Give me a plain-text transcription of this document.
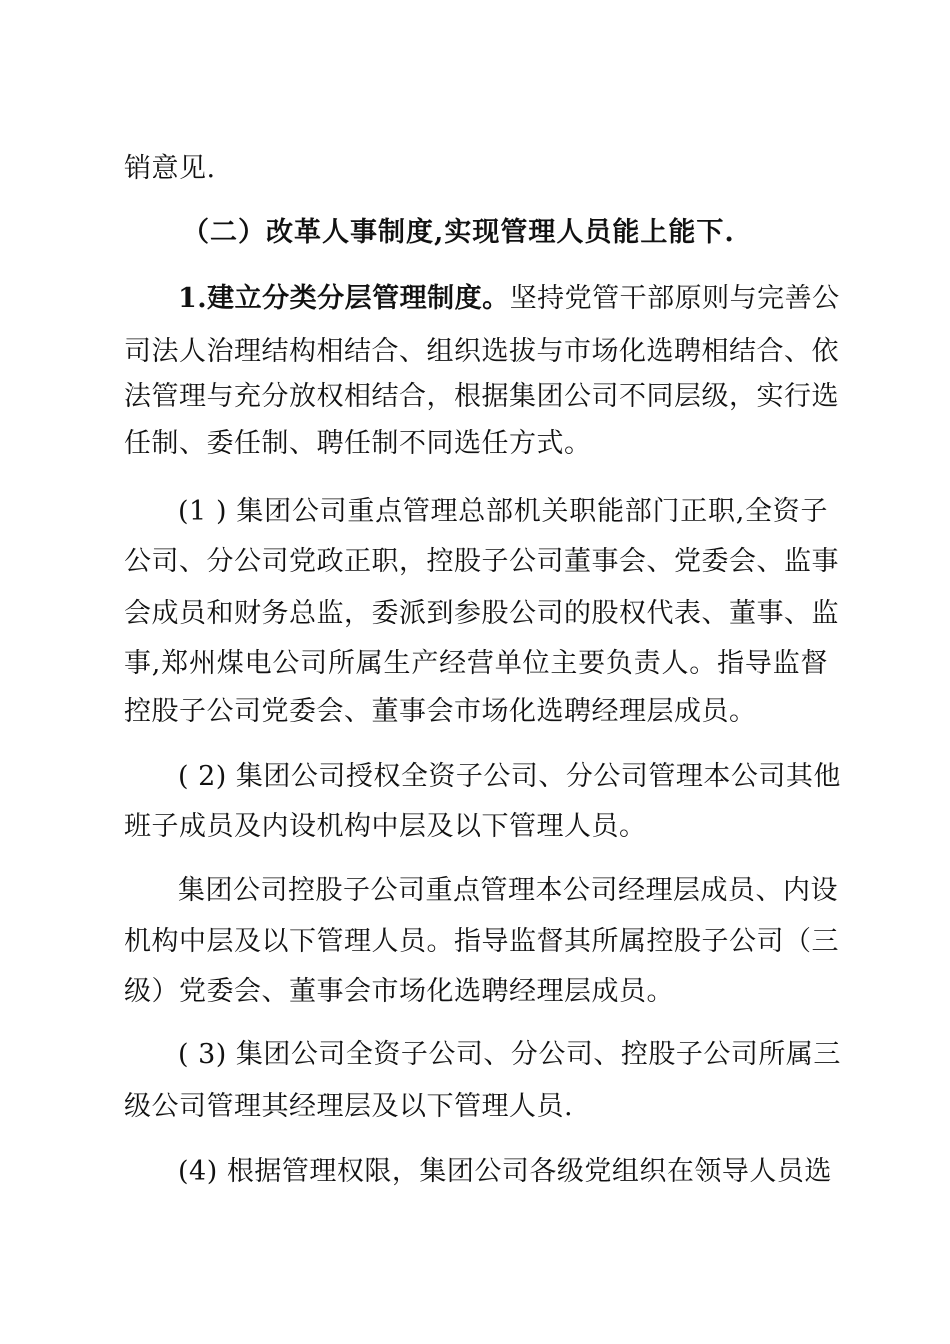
销意见.
（二）改革人事制度,实现管理人员能上能下.
1.建立分类分层管理制度。坚持党管干部原则与完善公
司法人治理结构相结合、组织选拔与市场化选聘相结合、依
法管理与充分放权相结合，根据集团公司不同层级，实行选
任制、委任制、聘任制不同选任方式。
(1 ) 集团公司重点管理总部机关职能部门正职,全资子
公司、分公司党政正职，控股子公司董事会、党委会、监事
会成员和财务总监，委派到参股公司的股权代表、董事、监
事,郑州煤电公司所属生产经营单位主要负责人。指导监督
控股子公司党委会、董事会市场化选聘经理层成员。
( 2) 集团公司授权全资子公司、分公司管理本公司其他
班子成员及内设机构中层及以下管理人员。
集团公司控股子公司重点管理本公司经理层成员、内设
机构中层及以下管理人员。指导监督其所属控股子公司（三
级）党委会、董事会市场化选聘经理层成员。
( 3) 集团公司全资子公司、分公司、控股子公司所属三
级公司管理其经理层及以下管理人员.
(4) 根据管理权限，集团公司各级党组织在领导人员选
